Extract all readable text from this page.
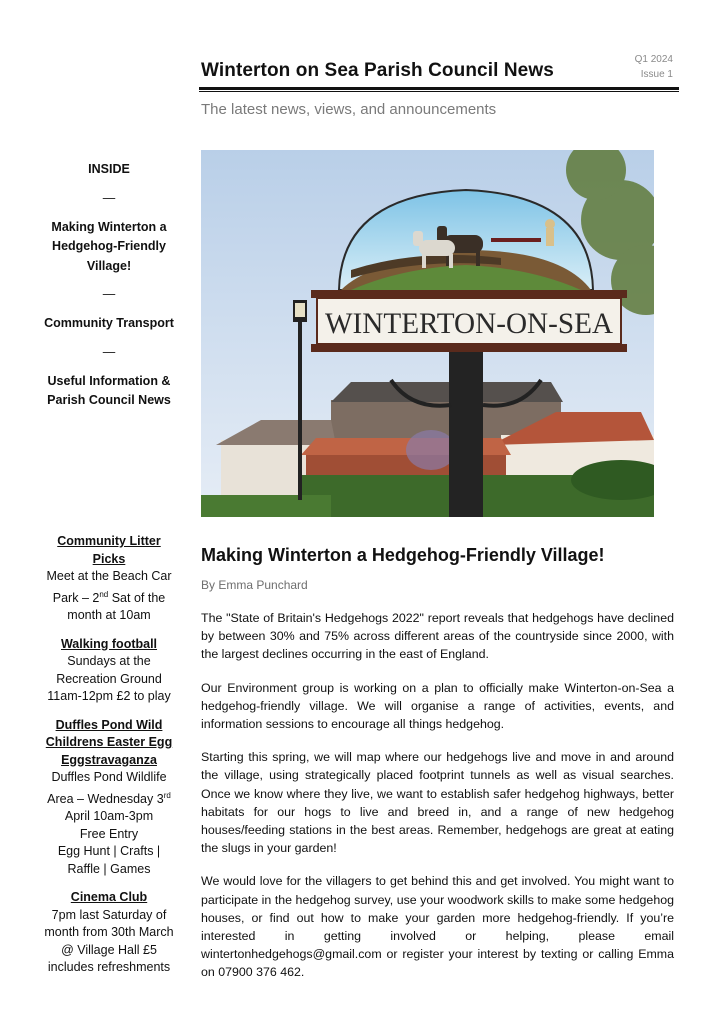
Q1 2024
Issue 1
Winterton on Sea Parish Council News
The latest news, views, and announcements
INSIDE
—
Making Winterton a Hedgehog-Friendly Village!
—
Community Transport
—
Useful Information & Parish Council News
Community Litter Picks
Meet at the Beach Car Park – 2nd Sat of the month at 10am
Walking football
Sundays at the Recreation Ground 11am-12pm £2 to play
Duffles Pond Wild Childrens Easter Egg Eggstravaganza
Duffles Pond Wildlife Area – Wednesday 3rd April 10am-3pm
Free Entry
Egg Hunt | Crafts | Raffle | Games
Cinema Club
7pm last Saturday of month from 30th March @ Village Hall £5 includes refreshments
WINTERTON-ON-SEA
Making Winterton a Hedgehog-Friendly Village!
By Emma Punchard

The "State of Britain's Hedgehogs 2022" report reveals that hedgehogs have declined by between 30% and 75% across different areas of the countryside since 2000, with the largest declines occurring in the east of England.

Our Environment group is working on a plan to officially make Winterton-on-Sea a hedgehog-friendly village. We will organise a range of activities, events, and information sessions to encourage all things hedgehog.

Starting this spring, we will map where our hedgehogs live and move in and around the village, using strategically placed footprint tunnels as well as visual searches. Once we know where they live, we want to establish safer hedgehog highways, better habitats for our hogs to live and breed in, and a range of new hedgehog houses/feeding stations in the best areas. Remember, hedgehogs are great at eating the slugs in your garden!

We would love for the villagers to get behind this and get involved. You might want to participate in the hedgehog survey, use your woodwork skills to make some hedgehog houses, or find out how to make your garden more hedgehog-friendly. If you’re interested in getting involved or helping, please email wintertonhedgehogs@gmail.com or register your interest by texting or calling Emma on 07900 376 462.
